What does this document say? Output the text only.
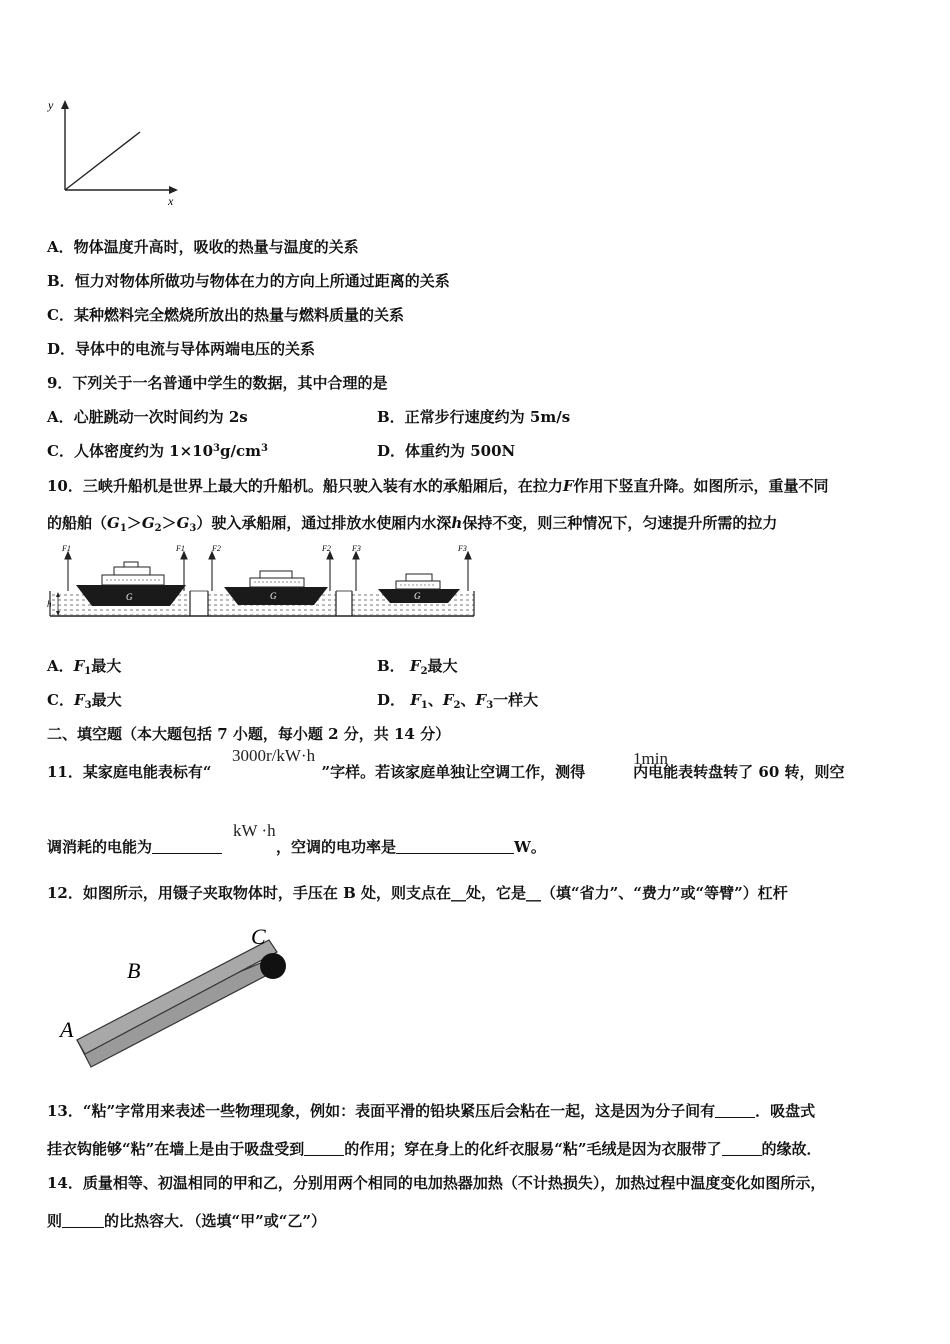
y
x
A．物体温度升高时，吸收的热量与温度的关系
B．恒力对物体所做功与物体在力的方向上所通过距离的关系
C．某种燃料完全燃烧所放出的热量与燃料质量的关系
D．导体中的电流与导体两端电压的关系
9．下列关于一名普通中学生的数据，其中合理的是
A．心脏跳动一次时间约为 2s	B．正常步行速度约为 5m/s
C．人体密度约为 $1\times 10^3g/cm^3$	D．体重约为 500N
10．三峡升船机是世界上最大的升船机。船只驶入装有水的承船厢后，在拉力F作用下竖直升降。如图所示，重量不同
的船舶$(G_1>G_2>G_3)$驶入承船厢，通过排放水使厢内水深h保持不变，则三种情况下，匀速提升所需的拉力
h
F1	F1	F2	F2	F3	F3
G	G	G
A．$F_1$最大	B． $F_2$最大
C．$F_3$最大	D． $F_1$、$F_2$、$F_3$一样大
二、填空题（本大题包括 7 小题，每小题 2 分，共 14 分）
11．某家庭电能表标有“	”字样。若该家庭单独让空调工作，测得	内电能表转盘转了 60 转，则空
3000r/kW·h	1min
调消耗的电能为	，空调的电功率是	W。
kW ·h
12．如图所示，用镊子夹取物体时，手压在 B 处，则支点在__处，它是__（填“省力”、“费力”或“等臂”）杠杆
A
B
C
13．“粘”字常用来表述一些物理现象，例如：表面平滑的铅块紧压后会粘在一起，这是因为分子间有	．吸盘式
挂衣钩能够“粘”在墙上是由于吸盘受到	的作用；穿在身上的化纤衣服易“粘”毛绒是因为衣服带了	的缘故．
14．质量相等、初温相同的甲和乙，分别用两个相同的电加热器加热（不计热损失），加热过程中温度变化如图所示，
则	的比热容大．（选填“甲”或“乙”）
